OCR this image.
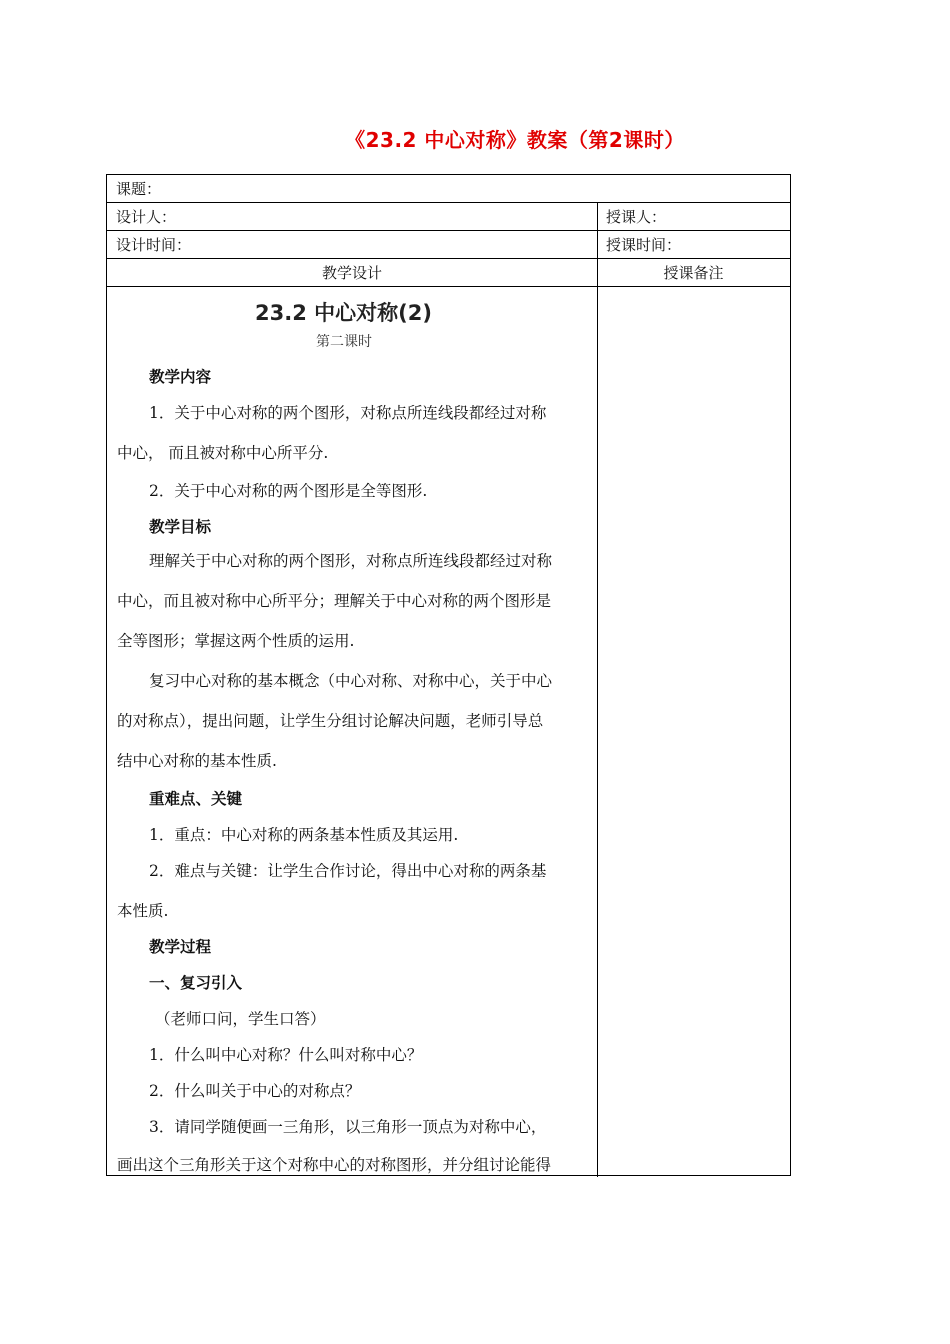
《23.2 中心对称》教案（第2课时）
课题：
设计人：	授课人：
设计时间：	授课时间：
教学设计	授课备注
23.2 中心对称(2)
第二课时
教学内容
1．关于中心对称的两个图形，对称点所连线段都经过对称
中心， 而且被对称中心所平分.
2．关于中心对称的两个图形是全等图形.
教学目标
理解关于中心对称的两个图形，对称点所连线段都经过对称
中心，而且被对称中心所平分；理解关于中心对称的两个图形是
全等图形；掌握这两个性质的运用.
复习中心对称的基本概念（中心对称、对称中心，关于中心
的对称点），提出问题，让学生分组讨论解决问题，老师引导总
结中心对称的基本性质.
重难点、关键
1．重点：中心对称的两条基本性质及其运用.
2．难点与关键：让学生合作讨论，得出中心对称的两条基
本性质.
教学过程
一、复习引入
（老师口问，学生口答）
1．什么叫中心对称？什么叫对称中心？
2．什么叫关于中心的对称点？
3．请同学随便画一三角形，以三角形一顶点为对称中心，
画出这个三角形关于这个对称中心的对称图形，并分组讨论能得
